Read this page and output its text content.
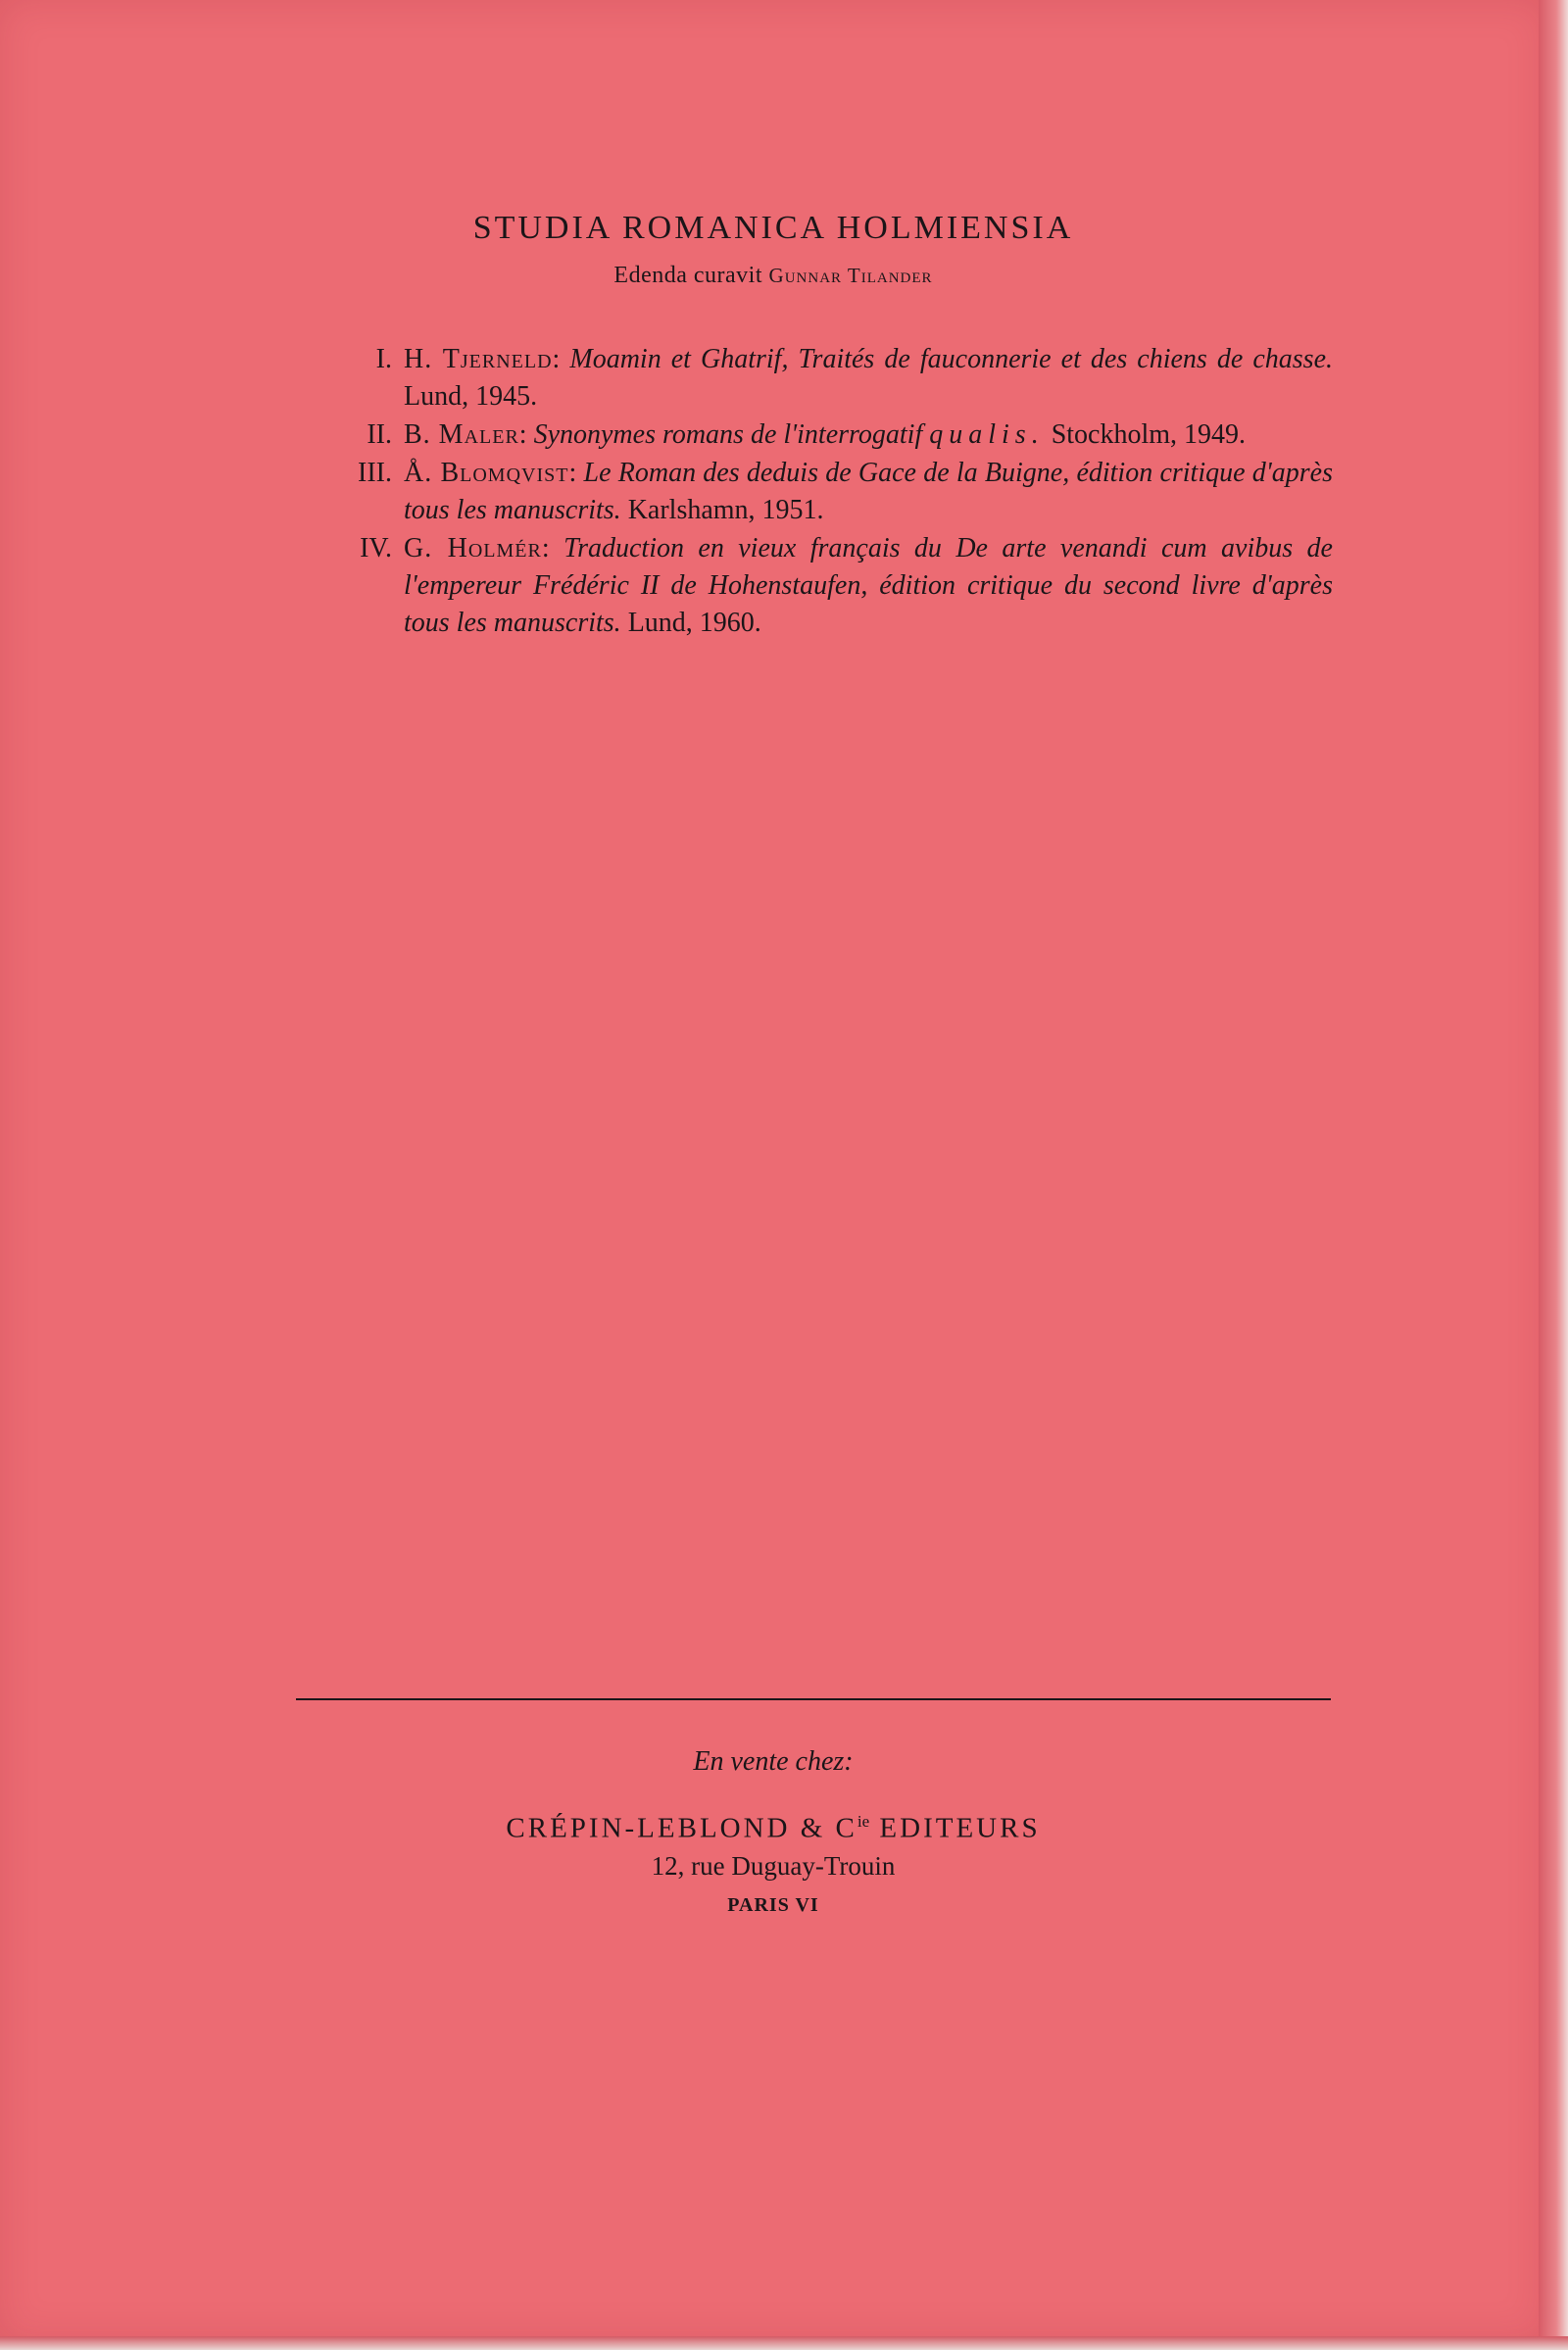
STUDIA ROMANICA HOLMIENSIA
Edenda curavit Gunnar Tilander
I. H. Tjerneld: Moamin et Ghatrif, Traités de fauconnerie et des chiens de chasse. Lund, 1945.
II. B. Maler: Synonymes romans de l'interrogatif qualis. Stockholm, 1949.
III. Å. Blomqvist: Le Roman des deduis de Gace de la Buigne, édition critique d'après tous les manuscrits. Karlshamn, 1951.
IV. G. Holmér: Traduction en vieux français du De arte venandi cum avibus de l'empereur Frédéric II de Hohenstaufen, édition critique du second livre d'après tous les manuscrits. Lund, 1960.
En vente chez:
CRÉPIN-LEBLOND & $C^{ie}$ EDITEURS
12, rue Duguay-Trouin
PARIS VI
